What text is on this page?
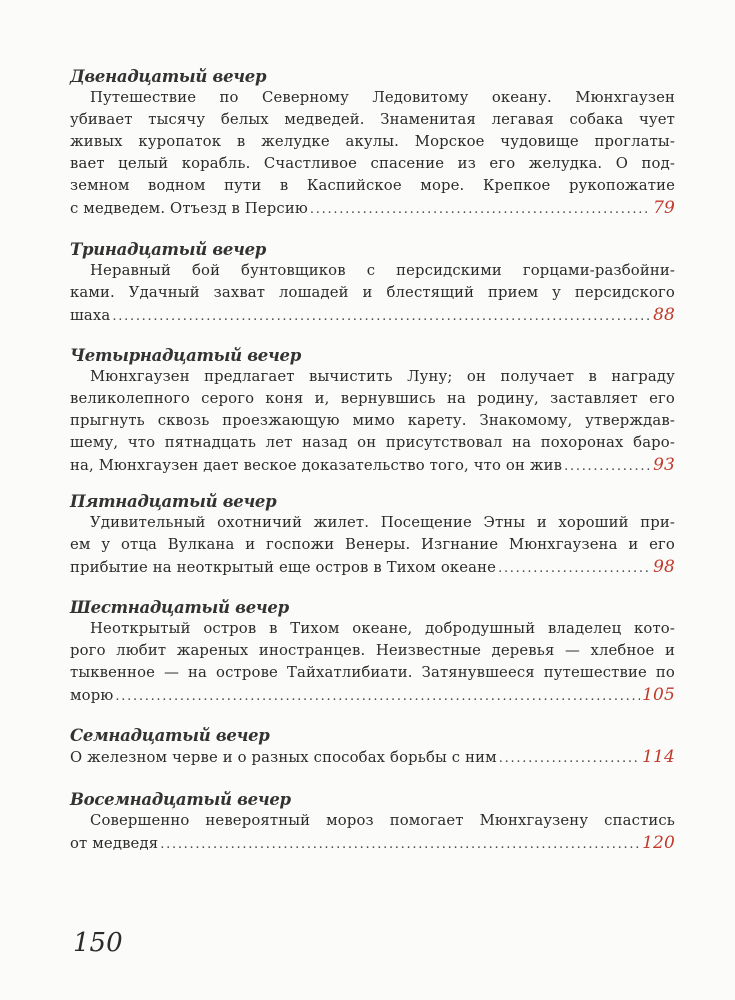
Двенадцатый вечер
Путешествие по Северному Ледовитому океану. Мюнхгаузен
убивает тысячу белых медведей. Знаменитая легавая собака чует
живых куропаток в желудке акулы. Морское чудовище проглаты-
вает целый корабль. Счастливое спасение из его желудка. О под-
земном водном пути в Каспийское море. Крепкое рукопожатие
с медведем. Отъезд в Персию . . .	79
Тринадцатый вечер
Неравный бой бунтовщиков с персидскими горцами-разбойни-
ками. Удачный захват лошадей и блестящий прием у персидского
шаха . . .	88
Четырнадцатый вечер
Мюнхгаузен предлагает вычистить Луну; он получает в награду
великолепного серого коня и, вернувшись на родину, заставляет его
прыгнуть сквозь проезжающую мимо карету. Знакомому, утверждав-
шему, что пятнадцать лет назад он присутствовал на похоронах баро-
на, Мюнхгаузен дает веское доказательство того, что он жив . . .	93
Пятнадцатый вечер
Удивительный охотничий жилет. Посещение Этны и хороший при-
ем у отца Вулкана и госпожи Венеры. Изгнание Мюнхгаузена и его
прибытие на неоткрытый еще остров в Тихом океане . . .	98
Шестнадцатый вечер
Неоткрытый остров в Тихом океане, добродушный владелец кото-
рого любит жареных иностранцев. Неизвестные деревья — хлебное и
тыквенное — на острове Тайхатлибиати. Затянувшееся путешествие по
морю . . .	105
Семнадцатый вечер
О железном черве и о разных способах борьбы с ним . . .	114
Восемнадцатый вечер
Совершенно невероятный мороз помогает Мюнхгаузену спастись
от медведя . . .	120
150
